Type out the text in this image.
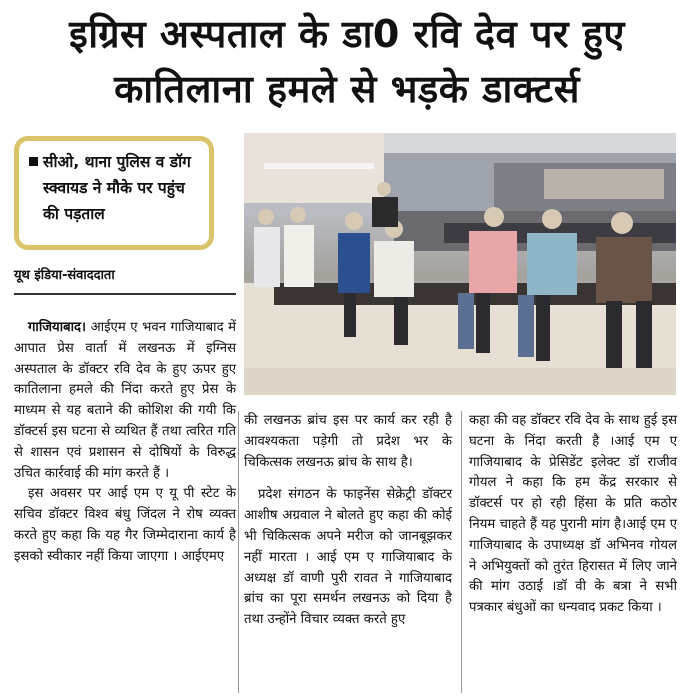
इग्रिस अस्पताल के डा0 रवि देव पर हुए
कातिलाना हमले से भड़के डाक्टर्स
सीओ, थाना पुलिस व डॉग स्क्वायड ने मौके पर पहुंच की पड़ताल
यूथ इंडिया-संवाददाता

गाजियाबाद। आईएम ए भवन गाजियाबाद में आपात प्रेस वार्ता में लखनऊ में इग्निस अस्पताल के डॉक्टर रवि देव के हुए ऊपर हुए कातिलाना हमले की निंदा करते हुए प्रेस के माध्यम से यह बताने की कोशिश की गयी कि डॉक्टर्स इस घटना से व्यथित हैं तथा त्वरित गति से शासन एवं प्रशासन से दोषियों के विरुद्ध उचित कार्रवाई की मांग करते हैं ।

इस अवसर पर आई एम ए यू पी स्टेट के सचिव डॉक्टर विश्व बंधु जिंदल ने रोष व्यक्त करते हुए कहा कि यह गैर जिम्मेदाराना कार्य है इसको स्वीकार नहीं किया जाएगा । आईएमए

की लखनऊ ब्रांच इस पर कार्य कर रही है आवश्यकता पड़ेगी तो प्रदेश भर के चिकित्सक लखनऊ ब्रांच के साथ है।

प्रदेश संगठन के फाइनेंस सेक्रेट्री डॉक्टर आशीष अग्रवाल ने बोलते हुए कहा की कोई भी चिकित्सक अपने मरीज को जानबूझकर नहीं मारता । आई एम ए गाजियाबाद के अध्यक्ष डॉ वाणी पुरी रावत ने गाजियाबाद ब्रांच का पूरा समर्थन लखनऊ को दिया है तथा उन्होंने विचार व्यक्त करते हुए

कहा की वह डॉक्टर रवि देव के साथ हुई इस घटना के निंदा करती है ।आई एम ए गाजियाबाद के प्रेसिडेंट इलेक्ट डॉ राजीव गोयल ने कहा कि हम केंद्र सरकार से डॉक्टर्स पर हो रही हिंसा के प्रति कठोर नियम चाहते हैं यह पुरानी मांग है।आई एम ए गाजियाबाद के उपाध्यक्ष डॉ अभिनव गोयल ने अभियुक्तों को तुरंत हिरासत में लिए जाने की मांग उठाई ।डॉ वी के बत्रा ने सभी पत्रकार बंधुओं का धन्यवाद प्रकट किया ।
